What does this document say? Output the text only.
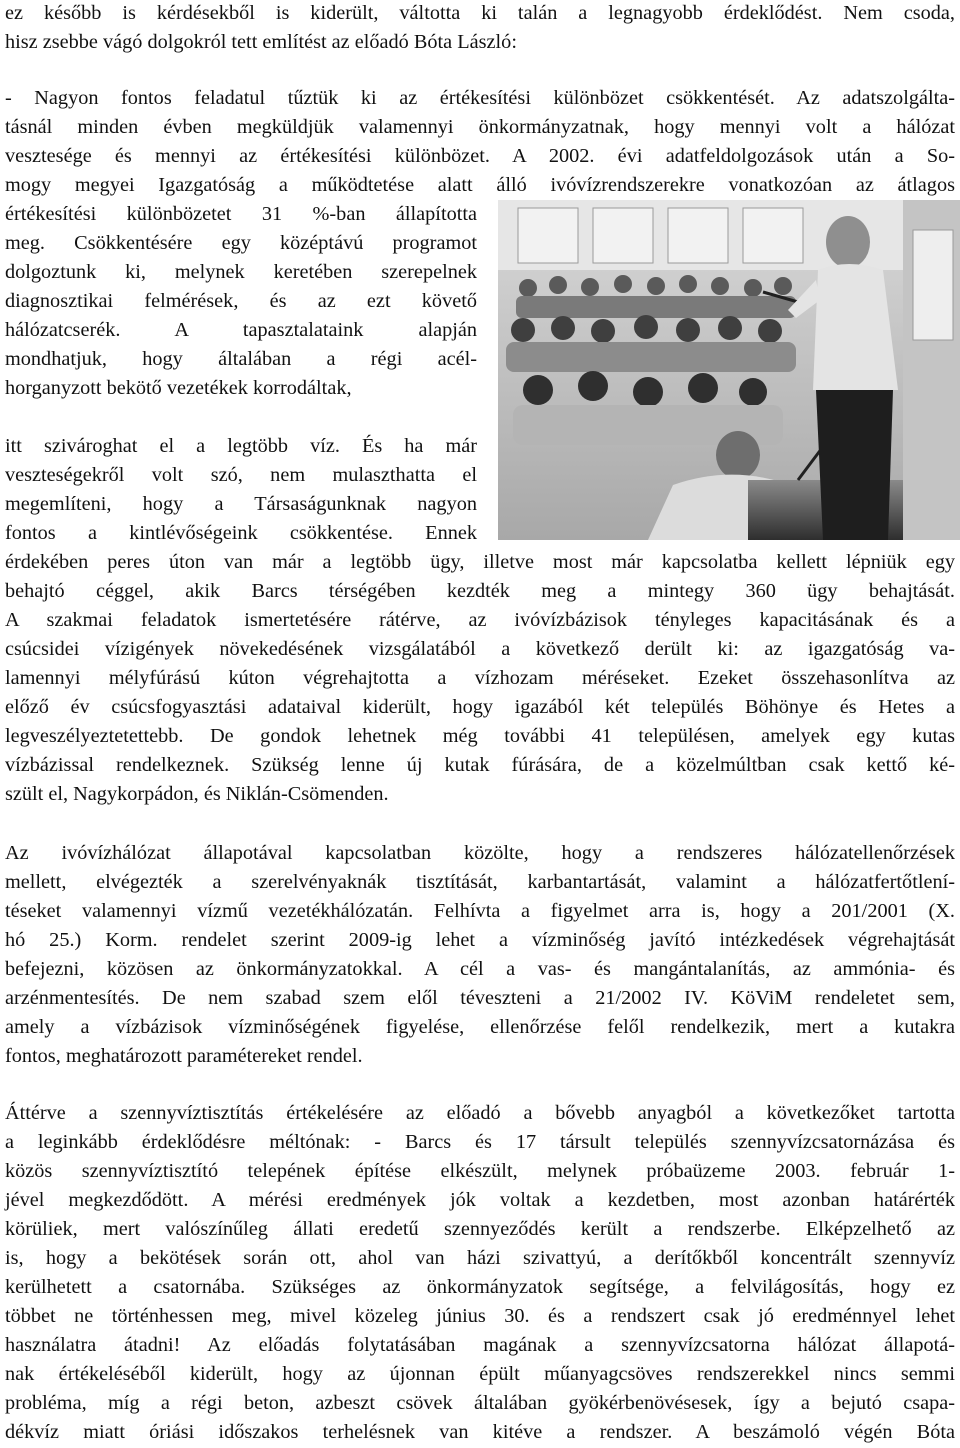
ez később is kérdésekből is kiderült, váltotta ki talán a legnagyobb érdeklődést. Nem csoda,
hisz zsebbe vágó dolgokról tett említést az előadó Bóta László:
- Nagyon fontos feladatul tűztük ki az értékesítési különbözet csökkentését. Az adatszolgálta-
tásnál minden évben megküldjük valamennyi önkormányzatnak, hogy mennyi volt a hálózat
vesztesége és mennyi az értékesítési különbözet. A 2002. évi adatfeldolgozások után a So-
mogy megyei Igazgatóság a működtetése alatt álló ivóvízrendszerekre vonatkozóan az átlagos
értékesítési különbözetet 31 %-ban állapította
meg. Csökkentésére egy középtávú programot
dolgoztunk ki, melynek keretében szerepelnek
diagnosztikai felmérések, és az ezt követő
hálózatcserék. A tapasztalataink alapján
mondhatjuk, hogy általában a régi acél-
horganyzott bekötő vezetékek korrodáltak,
itt szivároghat el a legtöbb víz. És ha már
veszteségekről volt szó, nem mulaszthatta el
megemlíteni, hogy a Társaságunknak nagyon
fontos a kintlévőségeink csökkentése. Ennek
érdekében peres úton van már a legtöbb ügy, illetve most már kapcsolatba kellett lépniük egy
behajtó céggel, akik Barcs térségében kezdték meg a mintegy 360 ügy behajtását.
A szakmai feladatok ismertetésére rátérve, az ivóvízbázisok tényleges kapacitásának és a
csúcsidei vízigények növekedésének vizsgálatából a következő derült ki: az igazgatóság va-
lamennyi mélyfúrású kúton végrehajtotta a vízhozam méréseket. Ezeket összehasonlítva az
előző év csúcsfogyasztási adataival kiderült, hogy igazából két település Böhönye és Hetes a
legveszélyeztetettebb. De gondok lehetnek még további 41 településen, amelyek egy kutas
vízbázissal rendelkeznek. Szükség lenne új kutak fúrására, de a közelmúltban csak kettő ké-
szült el, Nagykorpádon, és Niklán-Csömenden.
Az ivóvízhálózat állapotával kapcsolatban közölte, hogy a rendszeres hálózatellenőrzések
mellett, elvégezték a szerelvényaknák tisztítását, karbantartását, valamint a hálózatfertőtlení-
téseket valamennyi vízmű vezetékhálózatán. Felhívta a figyelmet arra is, hogy a 201/2001 (X.
hó 25.) Korm. rendelet szerint 2009-ig lehet a vízminőség javító intézkedések végrehajtását
befejezni, közösen az önkormányzatokkal. A cél a vas- és mangántalanítás, az ammónia- és
arzénmentesítés. De nem szabad szem elől téveszteni a 21/2002 IV. KöViM rendeletet sem,
amely a vízbázisok vízminőségének figyelése, ellenőrzése felől rendelkezik, mert a kutakra
fontos, meghatározott paramétereket rendel.
Áttérve a szennyvíztisztítás értékelésére az előadó a bővebb anyagból a következőket tartotta
a leginkább érdeklődésre méltónak: - Barcs és 17 társult település szennyvízcsatornázása és
közös szennyvíztisztító telepének építése elkészült, melynek próbaüzeme 2003. február 1-
jével megkezdődött. A mérési eredmények jók voltak a kezdetben, most azonban határérték
körüliek, mert valószínűleg állati eredetű szennyeződés került a rendszerbe. Elképzelhető az
is, hogy a bekötések során ott, ahol van házi szivattyú, a derítőkből koncentrált szennyvíz
kerülhetett a csatornába. Szükséges az önkormányzatok segítsége, a felvilágosítás, hogy ez
többet ne történhessen meg, mivel közeleg június 30. és a rendszert csak jó eredménnyel lehet
használatra átadni! Az előadás folytatásában magának a szennyvízcsatorna hálózat állapotá-
nak értékeléséből kiderült, hogy az újonnan épült műanyagcsöves rendszerekkel nincs semmi
probléma, míg a régi beton, azbeszt csövek általában gyökérbenövésesek, így a bejutó csapa-
dékvíz miatt óriási időszakos terhelésnek van kitéve a rendszer. A beszámoló végén Bóta
